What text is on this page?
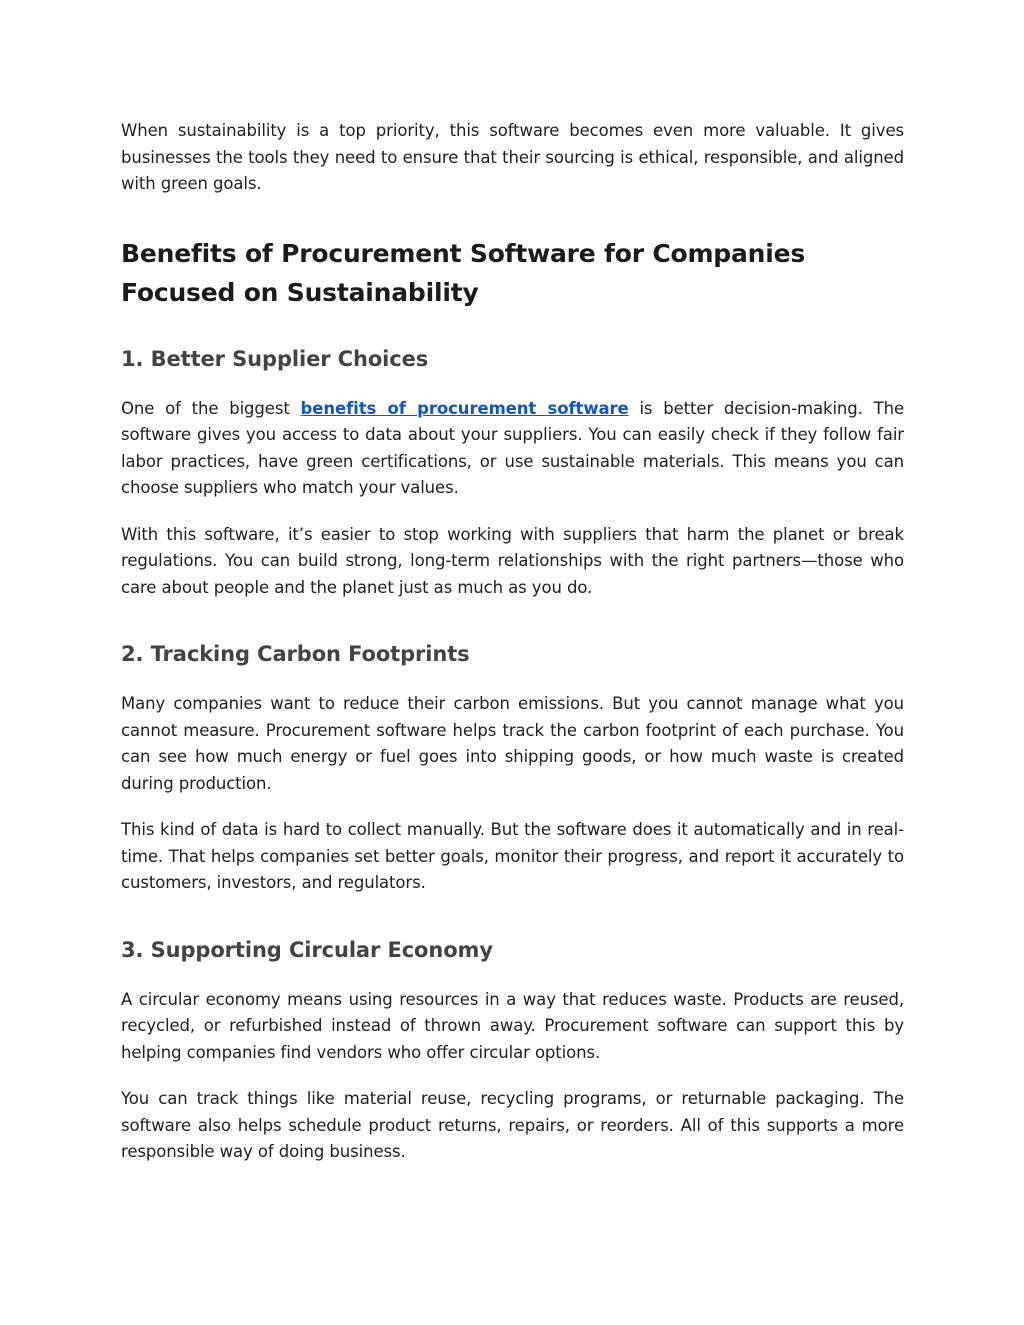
When sustainability is a top priority, this software becomes even more valuable. It gives businesses the tools they need to ensure that their sourcing is ethical, responsible, and aligned with green goals.

Benefits of Procurement Software for Companies Focused on Sustainability
1. Better Supplier Choices

One of the biggest benefits of procurement software is better decision-making. The software gives you access to data about your suppliers. You can easily check if they follow fair labor practices, have green certifications, or use sustainable materials. This means you can choose suppliers who match your values.

With this software, it’s easier to stop working with suppliers that harm the planet or break regulations. You can build strong, long-term relationships with the right partners—those who care about people and the planet just as much as you do.

2. Tracking Carbon Footprints

Many companies want to reduce their carbon emissions. But you cannot manage what you cannot measure. Procurement software helps track the carbon footprint of each purchase. You can see how much energy or fuel goes into shipping goods, or how much waste is created during production.

This kind of data is hard to collect manually. But the software does it automatically and in real-time. That helps companies set better goals, monitor their progress, and report it accurately to customers, investors, and regulators.

3. Supporting Circular Economy

A circular economy means using resources in a way that reduces waste. Products are reused, recycled, or refurbished instead of thrown away. Procurement software can support this by helping companies find vendors who offer circular options.

You can track things like material reuse, recycling programs, or returnable packaging. The software also helps schedule product returns, repairs, or reorders. All of this supports a more responsible way of doing business.
